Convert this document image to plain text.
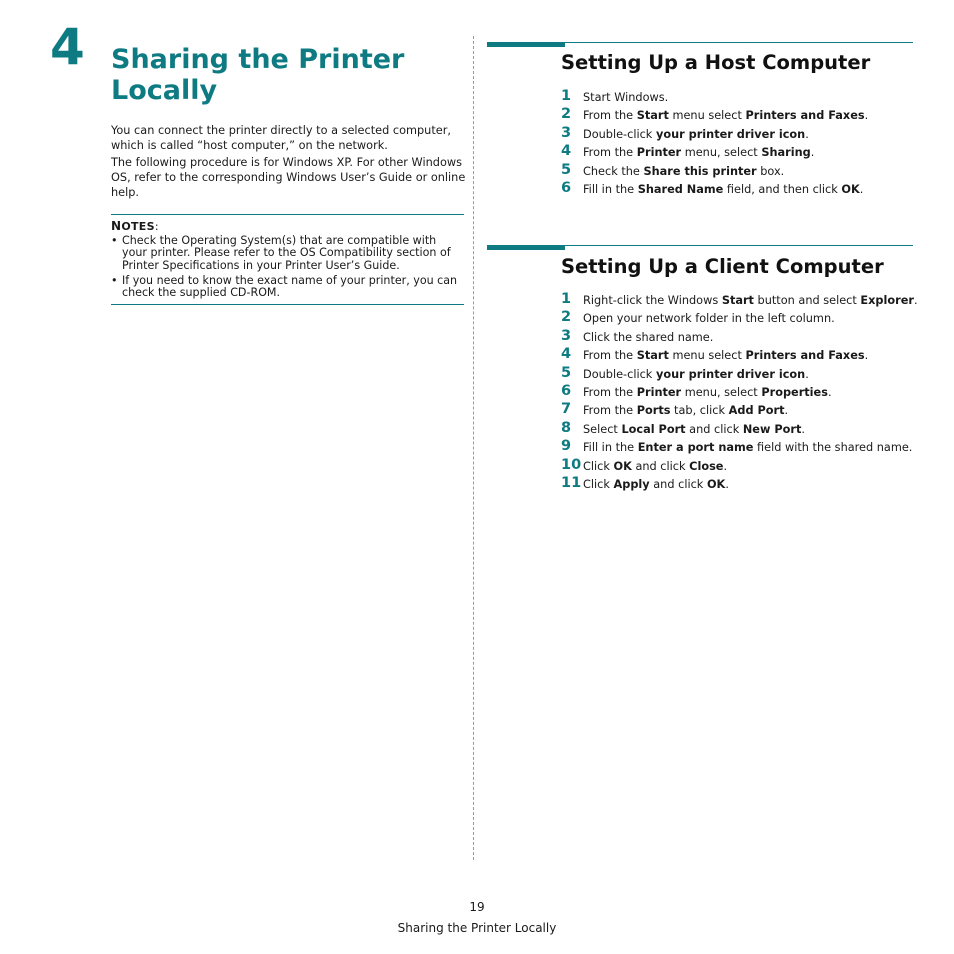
4 Sharing the Printer Locally

You can connect the printer directly to a selected computer, which is called “host computer,” on the network.

The following procedure is for Windows XP. For other Windows OS, refer to the corresponding Windows User’s Guide or online help.

NOTES:
• Check the Operating System(s) that are compatible with your printer. Please refer to the OS Compatibility section of Printer Specifications in your Printer User’s Guide.
• If you need to know the exact name of your printer, you can check the supplied CD-ROM.
Setting Up a Host Computer
1 Start Windows.
2 From the Start menu select Printers and Faxes.
3 Double-click your printer driver icon.
4 From the Printer menu, select Sharing.
5 Check the Share this printer box.
6 Fill in the Shared Name field, and then click OK.
Setting Up a Client Computer
1 Right-click the Windows Start button and select Explorer.
2 Open your network folder in the left column.
3 Click the shared name.
4 From the Start menu select Printers and Faxes.
5 Double-click your printer driver icon.
6 From the Printer menu, select Properties.
7 From the Ports tab, click Add Port.
8 Select Local Port and click New Port.
9 Fill in the Enter a port name field with the shared name.
10 Click OK and click Close.
11 Click Apply and click OK.
19
Sharing the Printer Locally
